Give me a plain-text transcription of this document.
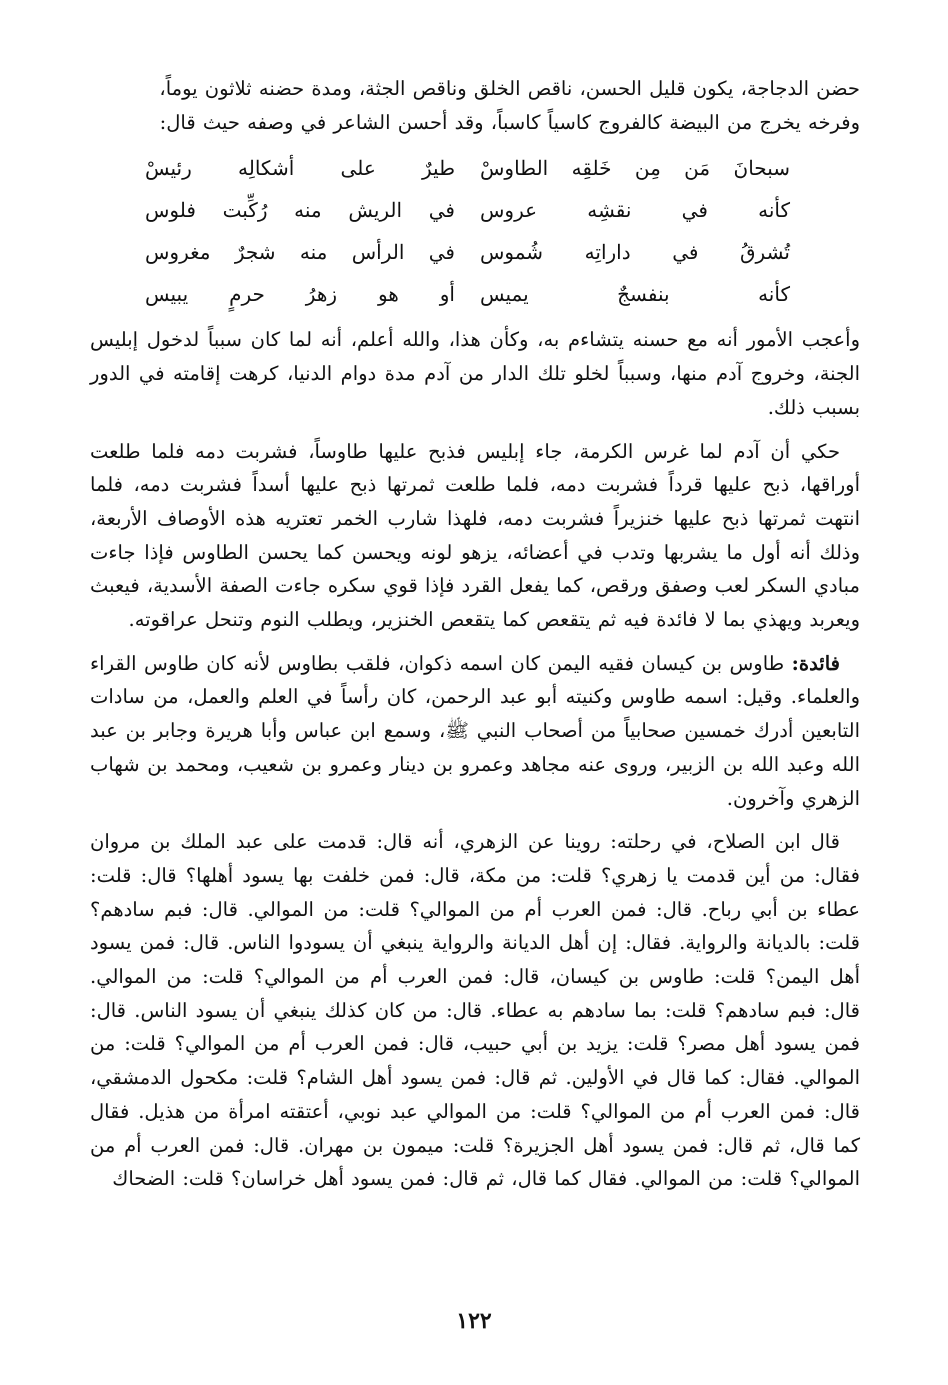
حضن الدجاجة، يكون قليل الحسن، ناقص الخلق وناقص الجثة، ومدة حضنه ثلاثون يوماً،

وفرخه يخرج من البيضة كالفروج كاسياً كاسباً، وقد أحسن الشاعر في وصفه حيث قال:

سبحانَ مَن مِن خَلقِه الطاوسْ
طيرٌ على أشكالِه رئيسْ
كأنه في نقشِه عروس
في الريش منه رُكِّبت فلوس
تُشرقُ في داراتِه شُموس
في الرأس منه شجرٌ مغروس
كأنه بنفسجٌ يميس
أو هو زهرُ حرمٍ يبيس

وأعجب الأمور أنه مع حسنه يتشاءم به، وكأن هذا، والله أعلم، أنه لما كان سبباً لدخول إبليس الجنة، وخروج آدم منها، وسبباً لخلو تلك الدار من آدم مدة دوام الدنيا، كرهت إقامته في الدور بسبب ذلك.

حكي أن آدم لما غرس الكرمة، جاء إبليس فذبح عليها طاوساً، فشربت دمه فلما طلعت أوراقها، ذبح عليها قرداً فشربت دمه، فلما طلعت ثمرتها ذبح عليها أسداً فشربت دمه، فلما انتهت ثمرتها ذبح عليها خنزيراً فشربت دمه، فلهذا شارب الخمر تعتريه هذه الأوصاف الأربعة، وذلك أنه أول ما يشربها وتدب في أعضائه، يزهو لونه ويحسن كما يحسن الطاوس فإذا جاءت مبادي السكر لعب وصفق ورقص، كما يفعل القرد فإذا قوي سكره جاءت الصفة الأسدية، فيعبث ويعربد ويهذي بما لا فائدة فيه ثم يتقعص كما يتقعص الخنزير، ويطلب النوم وتنحل عراقوته.

فائدة: طاوس بن كيسان فقيه اليمن كان اسمه ذكوان، فلقب بطاوس لأنه كان طاوس القراء والعلماء. وقيل: اسمه طاوس وكنيته أبو عبد الرحمن، كان رأساً في العلم والعمل، من سادات التابعين أدرك خمسين صحابياً من أصحاب النبي ﷺ، وسمع ابن عباس وأبا هريرة وجابر بن عبد الله وعبد الله بن الزبير، وروى عنه مجاهد وعمرو بن دينار وعمرو بن شعيب، ومحمد بن شهاب الزهري وآخرون.

قال ابن الصلاح، في رحلته: روينا عن الزهري، أنه قال: قدمت على عبد الملك بن مروان فقال: من أين قدمت يا زهري؟ قلت: من مكة، قال: فمن خلفت بها يسود أهلها؟ قال: قلت: عطاء بن أبي رباح. قال: فمن العرب أم من الموالي؟ قلت: من الموالي. قال: فبم سادهم؟ قلت: بالديانة والرواية. فقال: إن أهل الديانة والرواية ينبغي أن يسودوا الناس. قال: فمن يسود أهل اليمن؟ قلت: طاوس بن كيسان، قال: فمن العرب أم من الموالي؟ قلت: من الموالي. قال: فبم سادهم؟ قلت: بما سادهم به عطاء. قال: من كان كذلك ينبغي أن يسود الناس. قال: فمن يسود أهل مصر؟ قلت: يزيد بن أبي حبيب، قال: فمن العرب أم من الموالي؟ قلت: من الموالي. فقال: كما قال في الأولين. ثم قال: فمن يسود أهل الشام؟ قلت: مكحول الدمشقي، قال: فمن العرب أم من الموالي؟ قلت: من الموالي عبد نوبي، أعتقته امرأة من هذيل. فقال كما قال، ثم قال: فمن يسود أهل الجزيرة؟ قلت: ميمون بن مهران. قال: فمن العرب أم من الموالي؟ قلت: من الموالي. فقال كما قال، ثم قال: فمن يسود أهل خراسان؟ قلت: الضحاك

١٢٢
